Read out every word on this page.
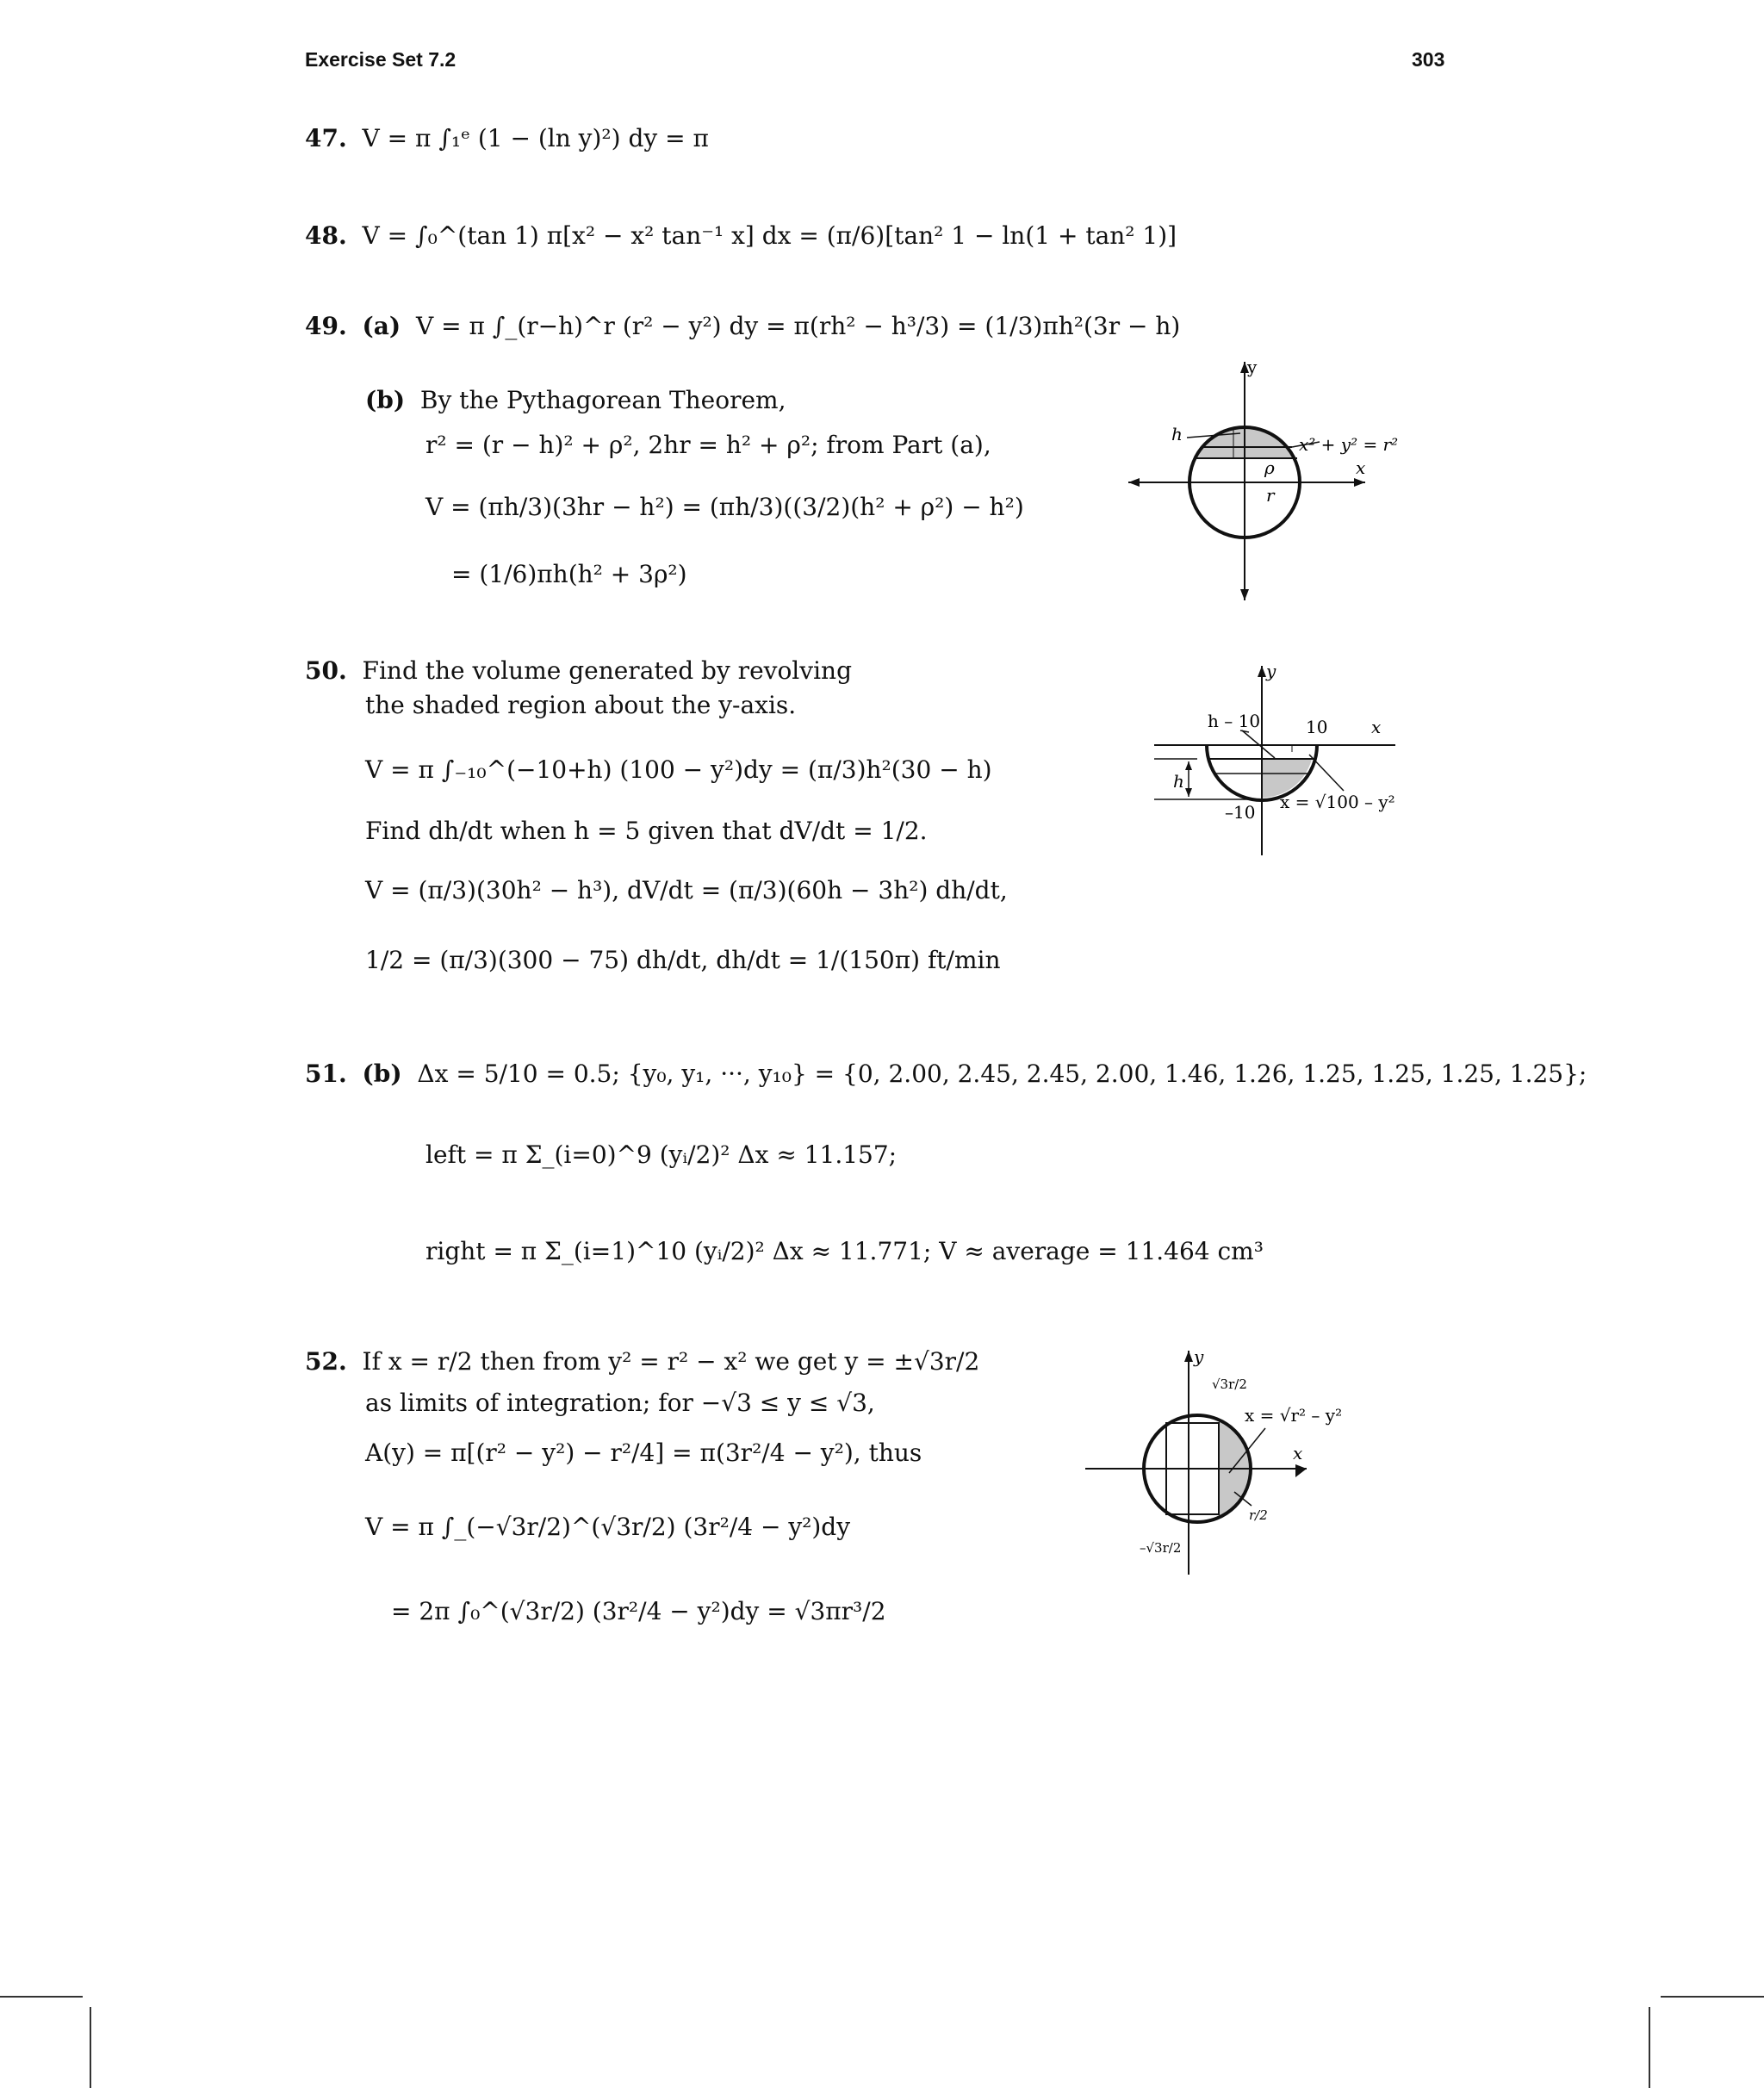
Exercise Set 7.2	303
47. V = π ∫₁ᵉ (1 − (ln y)²) dy = π
48. V = ∫₀^(tan 1) π[x² − x² tan⁻¹ x] dx = (π/6)[tan² 1 − ln(1 + tan² 1)]
49. (a) V = π ∫_(r−h)^r (r² − y²) dy = π(rh² − h³/3) = (1/3)πh²(3r − h)
(b) By the Pythagorean Theorem,
r² = (r − h)² + ρ², 2hr = h² + ρ²; from Part (a),
V = (πh/3)(3hr − h²) = (πh/3)((3/2)(h² + ρ²) − h²)
= (1/6)πh(h² + 3ρ²)
y
x
h
ρ
r
x² + y² = r²
50. Find the volume generated by revolving
the shaded region about the y-axis.
V = π ∫₋₁₀^(−10+h) (100 − y²)dy = (π/3)h²(30 − h)
Find dh/dt when h = 5 given that dV/dt = 1/2.
V = (π/3)(30h² − h³), dV/dt = (π/3)(60h − 3h²) dh/dt,
1/2 = (π/3)(300 − 75) dh/dt, dh/dt = 1/(150π) ft/min
y
x
h – 10	10
h
–10 x = √100 – y²
51. (b) Δx = 5/10 = 0.5; {y₀, y₁, ···, y₁₀} = {0, 2.00, 2.45, 2.45, 2.00, 1.46, 1.26, 1.25, 1.25, 1.25, 1.25};
left = π Σ_(i=0)^9 (yᵢ/2)² Δx ≈ 11.157;
right = π Σ_(i=1)^10 (yᵢ/2)² Δx ≈ 11.771; V ≈ average = 11.464 cm³
52. If x = r/2 then from y² = r² − x² we get y = ±√3r/2
as limits of integration; for −√3 ≤ y ≤ √3,
A(y) = π[(r² − y²) − r²/4] = π(3r²/4 − y²), thus
V = π ∫_(−√3r/2)^(√3r/2) (3r²/4 − y²)dy
= 2π ∫₀^(√3r/2) (3r²/4 − y²)dy = √3πr³/2
y
x
√3r/2
x = √r² – y²
r/2
–√3r/2
